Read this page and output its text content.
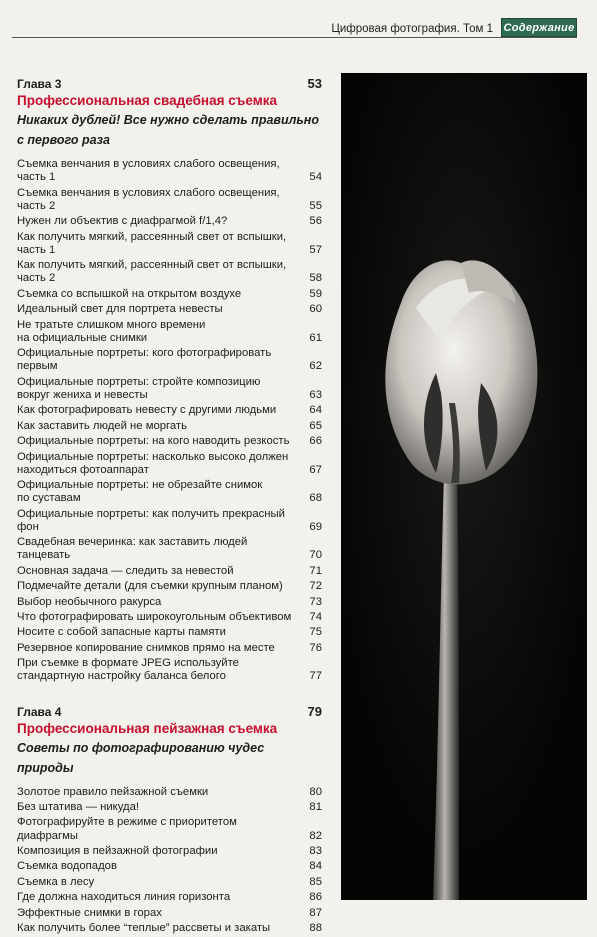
Цифровая фотография. Том 1 Содержание
Глава 3	53
Профессиональная свадебная съемка
Никаких дублей! Все нужно сделать правильно
с первого раза
Съемка венчания в условиях слабого освещения,
часть 1	54
Съемка венчания в условиях слабого освещения,
часть 2	55
Нужен ли объектив с диафрагмой f/1,4?	56
Как получить мягкий, рассеянный свет от вспышки,
часть 1	57
Как получить мягкий, рассеянный свет от вспышки,
часть 2	58
Съемка со вспышкой на открытом воздухе	59
Идеальный свет для портрета невесты	60
Не тратьте слишком много времени
на официальные снимки	61
Официальные портреты: кого фотографировать
первым	62
Официальные портреты: стройте композицию
вокруг жениха и невесты	63
Как фотографировать невесту с другими людьми	64
Как заставить людей не моргать	65
Официальные портреты: на кого наводить резкость	66
Официальные портреты: насколько высоко должен
находиться фотоаппарат	67
Официальные портреты: не обрезайте снимок
по суставам	68
Официальные портреты: как получить прекрасный
фон	69
Свадебная вечеринка: как заставить людей танцевать	70
Основная задача — следить за невестой	71
Подмечайте детали (для съемки крупным планом)	72
Выбор необычного ракурса	73
Что фотографировать широкоугольным объективом	74
Носите с собой запасные карты памяти	75
Резервное копирование снимков прямо на месте	76
При съемке в формате JPEG используйте
стандартную настройку баланса белого	77
Глава 4	79
Профессиональная пейзажная съемка
Советы по фотографированию чудес природы
Золотое правило пейзажной съемки	80
Без штатива — никуда!	81
Фотографируйте в режиме с приоритетом диафрагмы	82
Композиция в пейзажной фотографии	83
Съемка водопадов	84
Съемка в лесу	85
Где должна находиться линия горизонта	86
Эффектные снимки в горах	87
Как получить более “теплые” рассветы и закаты	88
